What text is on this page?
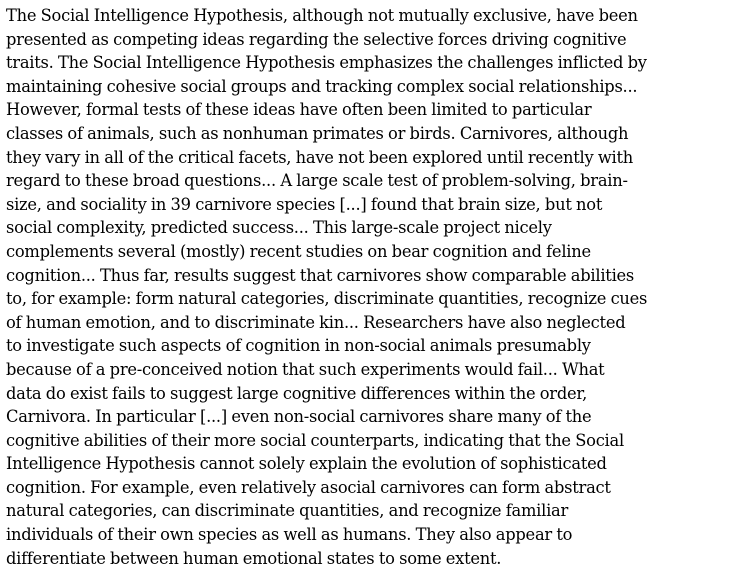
The Social Intelligence Hypothesis, although not mutually exclusive, have been
presented as competing ideas regarding the selective forces driving cognitive
traits. The Social Intelligence Hypothesis emphasizes the challenges inflicted by
maintaining cohesive social groups and tracking complex social relationships...
However, formal tests of these ideas have often been limited to particular
classes of animals, such as nonhuman primates or birds. Carnivores, although
they vary in all of the critical facets, have not been explored until recently with
regard to these broad questions... A large scale test of problem-solving, brain-
size, and sociality in 39 carnivore species [...] found that brain size, but not
social complexity, predicted success... This large-scale project nicely
complements several (mostly) recent studies on bear cognition and feline
cognition... Thus far, results suggest that carnivores show comparable abilities
to, for example: form natural categories, discriminate quantities, recognize cues
of human emotion, and to discriminate kin... Researchers have also neglected
to investigate such aspects of cognition in non-social animals presumably
because of a pre-conceived notion that such experiments would fail... What
data do exist fails to suggest large cognitive differences within the order,
Carnivora. In particular [...] even non-social carnivores share many of the
cognitive abilities of their more social counterparts, indicating that the Social
Intelligence Hypothesis cannot solely explain the evolution of sophisticated
cognition. For example, even relatively asocial carnivores can form abstract
natural categories, can discriminate quantities, and recognize familiar
individuals of their own species as well as humans. They also appear to
differentiate between human emotional states to some extent.
